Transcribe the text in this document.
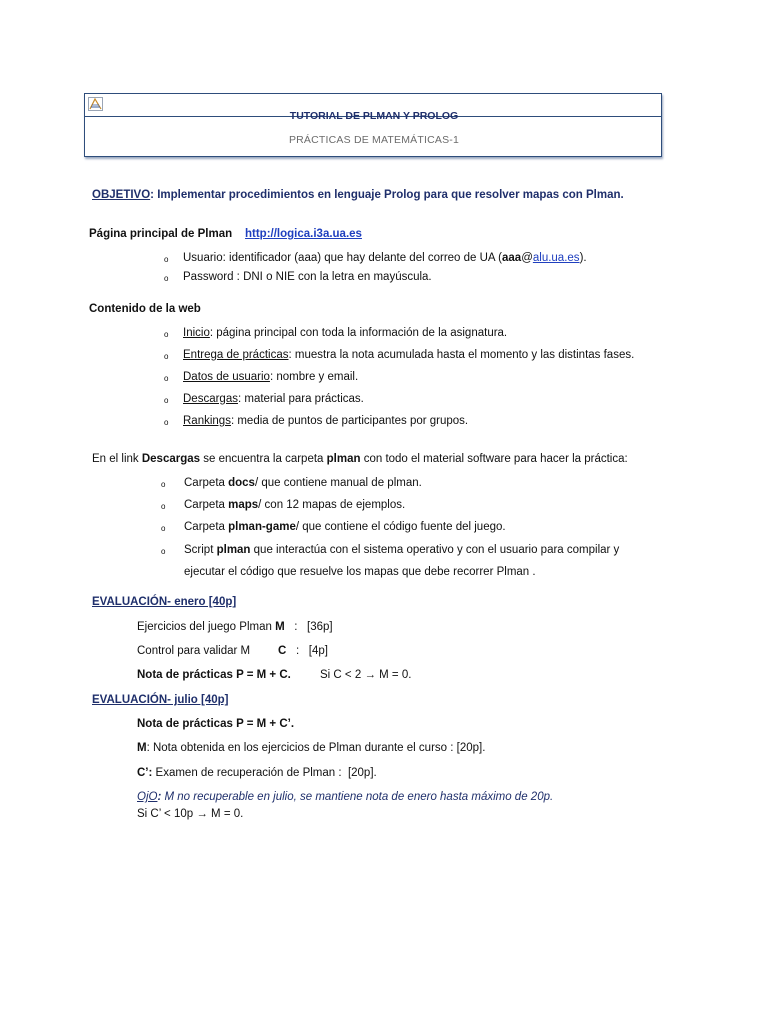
TUTORIAL DE PLMAN Y PROLOG
PRÁCTICAS DE MATEMÁTICAS-1
OBJETIVO: Implementar procedimientos en lenguaje Prolog para que resolver mapas con Plman.
Página principal de Plman http://logica.i3a.ua.es
o Usuario: identificador (aaa) que hay delante del correo de UA (aaa@alu.ua.es).
o Password : DNI o NIE con la letra en mayúscula.
Contenido de la web
o Inicio: página principal con toda la información de la asignatura.
o Entrega de prácticas: muestra la nota acumulada hasta el momento y las distintas fases.
o Datos de usuario: nombre y email.
o Descargas: material para prácticas.
o Rankings: media de puntos de participantes por grupos.
En el link Descargas se encuentra la carpeta plman con todo el material software para hacer la práctica:
o Carpeta docs/ que contiene manual de plman.
o Carpeta maps/ con 12 mapas de ejemplos.
o Carpeta plman-game/ que contiene el código fuente del juego.
o Script plman que interactúa con el sistema operativo y con el usuario para compilar y
ejecutar el código que resuelve los mapas que debe recorrer Plman .
EVALUACIÓN- enero [40p]
Ejercicios del juego Plman M   :   [36p]
Control para validar M C :   [4p]
Nota de prácticas P = M + C.	Si C < 2 → M = 0.
EVALUACIÓN- julio [40p]
Nota de prácticas P = M + C’.
M: Nota obtenida en los ejercicios de Plman durante el curso : [20p].
C’: Examen de recuperación de Plman :  [20p].
OjO: M no recuperable en julio, se mantiene nota de enero hasta máximo de 20p.
Si C’ < 10p → M = 0.
